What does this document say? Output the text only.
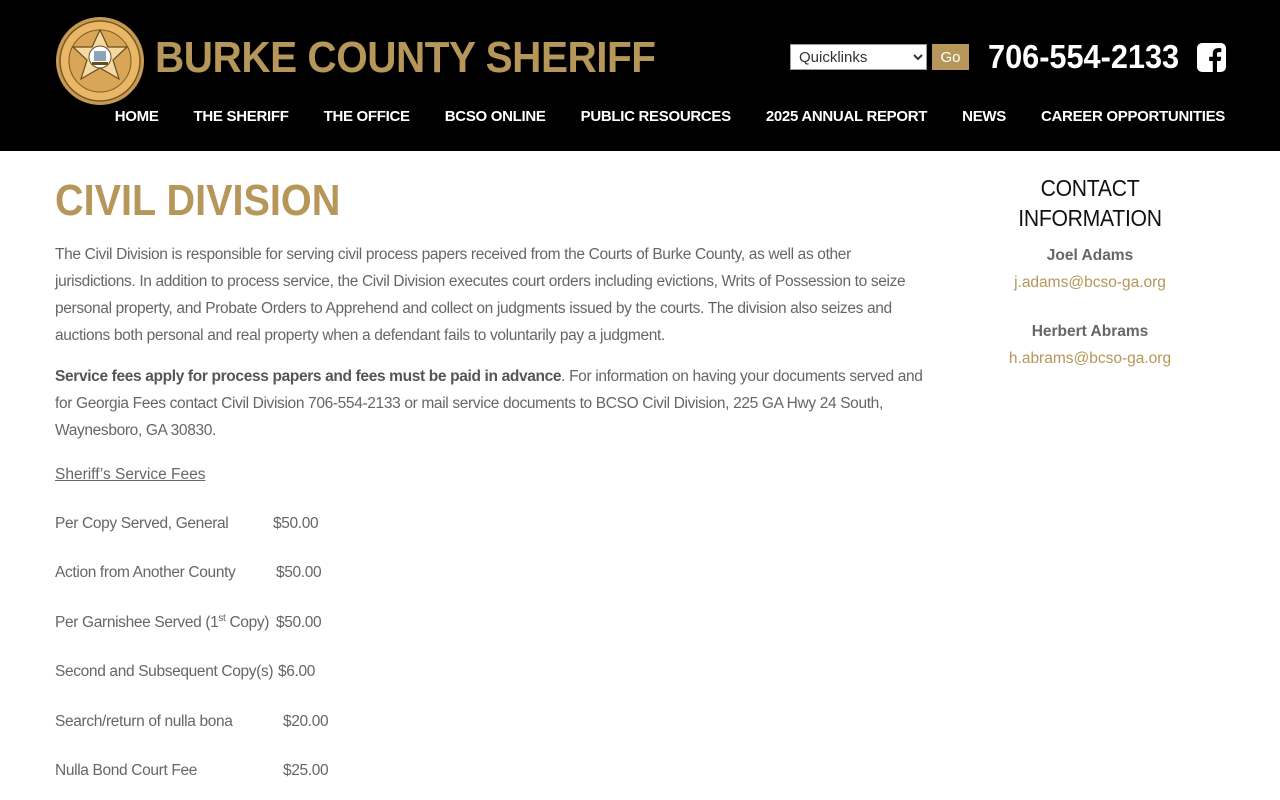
BURKE COUNTY SHERIFF
Quicklinks	Go 706-554-2133
HOME THE SHERIFF THE OFFICE BCSO ONLINE PUBLIC RESOURCES 2025 ANNUAL REPORT NEWS CAREER OPPORTUNITIES
CIVIL DIVISION

The Civil Division is responsible for serving civil process papers received from the Courts of Burke County, as well as other jurisdictions. In addition to process service, the Civil Division executes court orders including evictions, Writs of Possession to seize personal property, and Probate Orders to Apprehend and collect on judgments issued by the courts. The division also seizes and auctions both personal and real property when a defendant fails to voluntarily pay a judgment.

Service fees apply for process papers and fees must be paid in advance. For information on having your documents served and for Georgia Fees contact Civil Division 706-554-2133 or mail service documents to BCSO Civil Division, 225 GA Hwy 24 South, Waynesboro, GA 30830.

Sheriff’s Service Fees
Per Copy Served, General	$50.00
Action from Another County	$50.00
Per Garnishee Served (1st Copy) $50.00
Second and Subsequent Copy(s) $6.00
Search/return of nulla bona	$20.00
Nulla Bond Court Fee	$25.00
CONTACT INFORMATION
Joel Adams
j.adams@bcso-ga.org
Herbert Abrams
h.abrams@bcso-ga.org
